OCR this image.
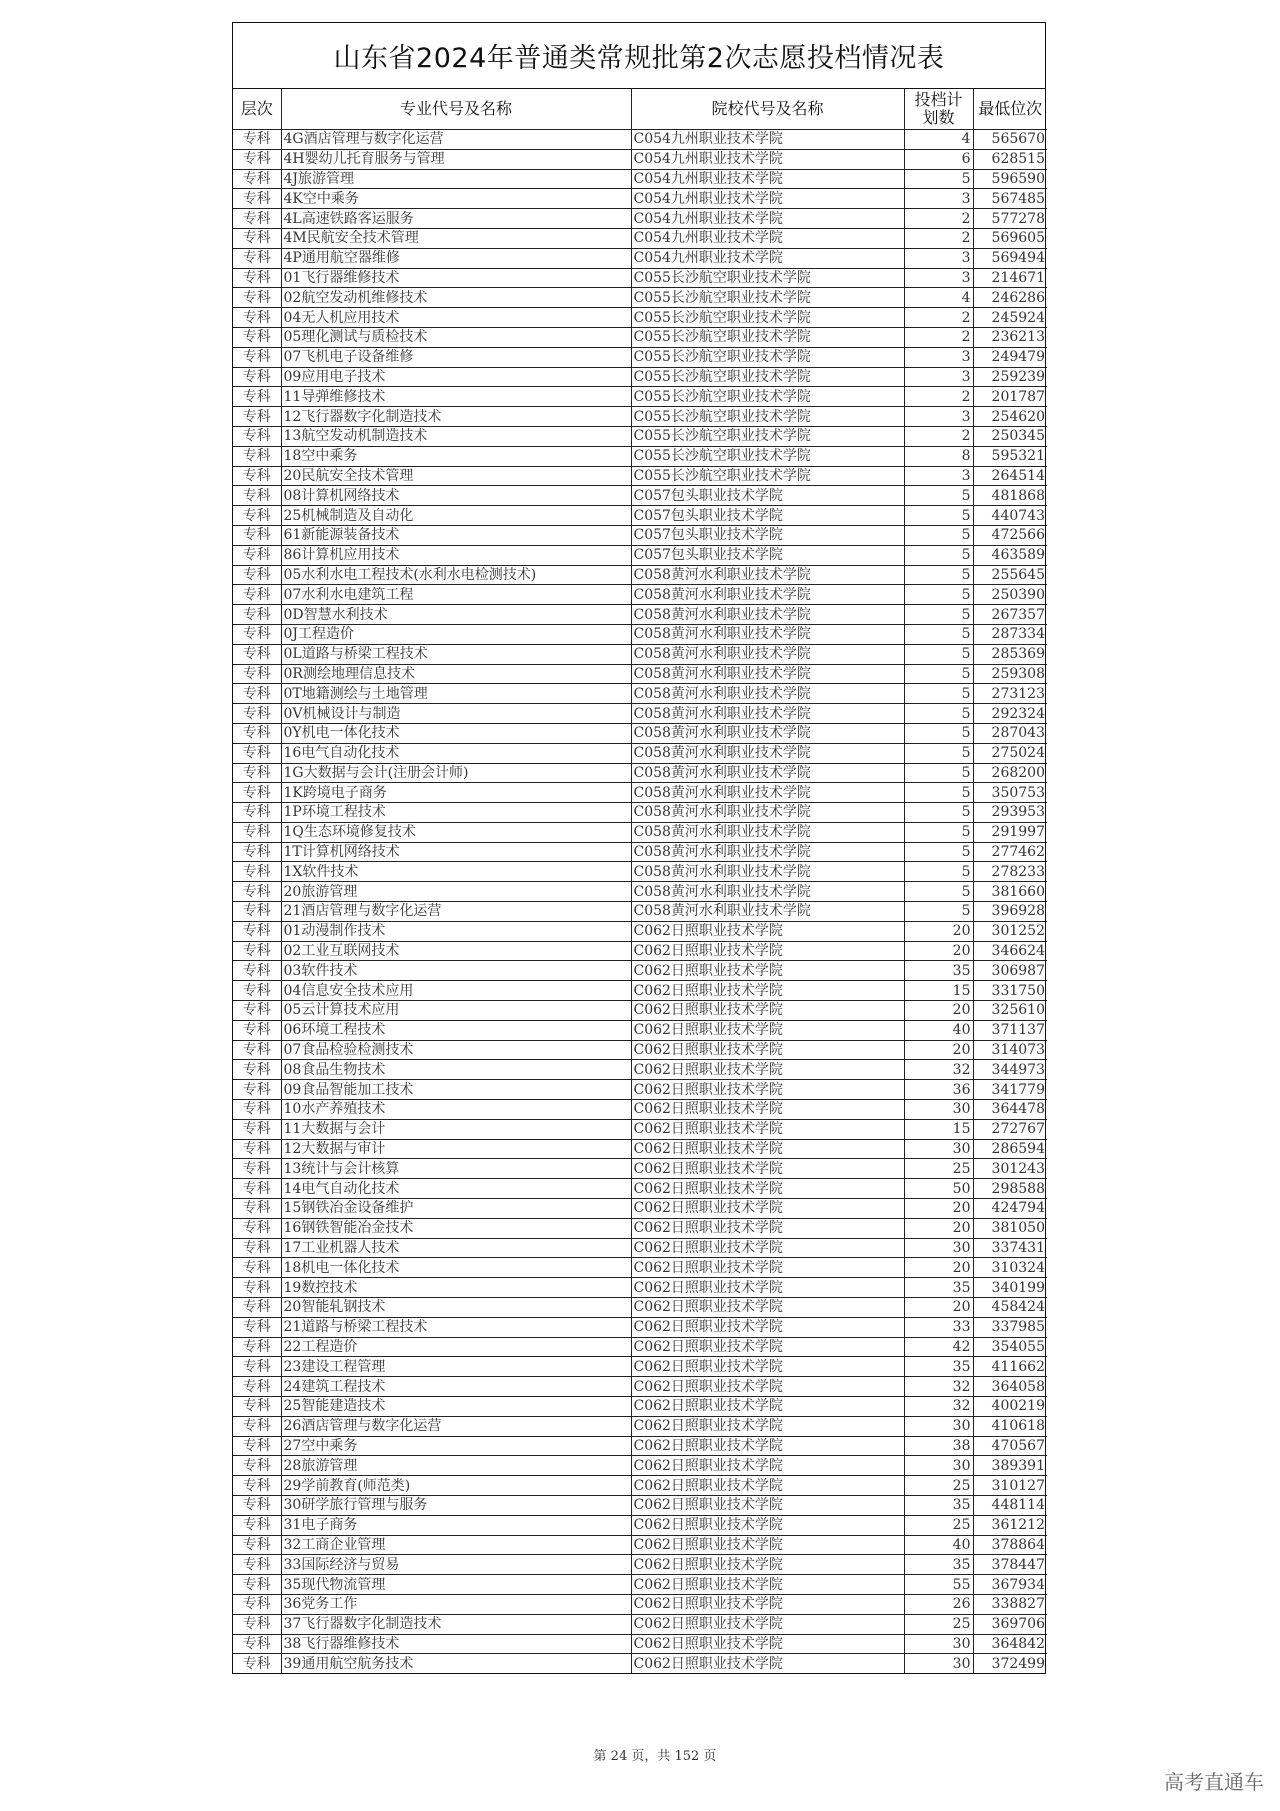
山东省2024年普通类常规批第2次志愿投档情况表
层次	专业代号及名称	院校代号及名称	投档计划数	最低位次
专科	4G酒店管理与数字化运营	C054九州职业技术学院	4	565670
专科	4H婴幼儿托育服务与管理	C054九州职业技术学院	6	628515
专科	4J旅游管理	C054九州职业技术学院	5	596590
专科	4K空中乘务	C054九州职业技术学院	3	567485
专科	4L高速铁路客运服务	C054九州职业技术学院	2	577278
专科	4M民航安全技术管理	C054九州职业技术学院	2	569605
专科	4P通用航空器维修	C054九州职业技术学院	3	569494
专科	01飞行器维修技术	C055长沙航空职业技术学院	3	214671
专科	02航空发动机维修技术	C055长沙航空职业技术学院	4	246286
专科	04无人机应用技术	C055长沙航空职业技术学院	2	245924
专科	05理化测试与质检技术	C055长沙航空职业技术学院	2	236213
专科	07飞机电子设备维修	C055长沙航空职业技术学院	3	249479
专科	09应用电子技术	C055长沙航空职业技术学院	3	259239
专科	11导弹维修技术	C055长沙航空职业技术学院	2	201787
专科	12飞行器数字化制造技术	C055长沙航空职业技术学院	3	254620
专科	13航空发动机制造技术	C055长沙航空职业技术学院	2	250345
专科	18空中乘务	C055长沙航空职业技术学院	8	595321
专科	20民航安全技术管理	C055长沙航空职业技术学院	3	264514
专科	08计算机网络技术	C057包头职业技术学院	5	481868
专科	25机械制造及自动化	C057包头职业技术学院	5	440743
专科	61新能源装备技术	C057包头职业技术学院	5	472566
专科	86计算机应用技术	C057包头职业技术学院	5	463589
专科	05水利水电工程技术(水利水电检测技术)	C058黄河水利职业技术学院	5	255645
专科	07水利水电建筑工程	C058黄河水利职业技术学院	5	250390
专科	0D智慧水利技术	C058黄河水利职业技术学院	5	267357
专科	0J工程造价	C058黄河水利职业技术学院	5	287334
专科	0L道路与桥梁工程技术	C058黄河水利职业技术学院	5	285369
专科	0R测绘地理信息技术	C058黄河水利职业技术学院	5	259308
专科	0T地籍测绘与土地管理	C058黄河水利职业技术学院	5	273123
专科	0V机械设计与制造	C058黄河水利职业技术学院	5	292324
专科	0Y机电一体化技术	C058黄河水利职业技术学院	5	287043
专科	16电气自动化技术	C058黄河水利职业技术学院	5	275024
专科	1G大数据与会计(注册会计师)	C058黄河水利职业技术学院	5	268200
专科	1K跨境电子商务	C058黄河水利职业技术学院	5	350753
专科	1P环境工程技术	C058黄河水利职业技术学院	5	293953
专科	1Q生态环境修复技术	C058黄河水利职业技术学院	5	291997
专科	1T计算机网络技术	C058黄河水利职业技术学院	5	277462
专科	1X软件技术	C058黄河水利职业技术学院	5	278233
专科	20旅游管理	C058黄河水利职业技术学院	5	381660
专科	21酒店管理与数字化运营	C058黄河水利职业技术学院	5	396928
专科	01动漫制作技术	C062日照职业技术学院	20	301252
专科	02工业互联网技术	C062日照职业技术学院	20	346624
专科	03软件技术	C062日照职业技术学院	35	306987
专科	04信息安全技术应用	C062日照职业技术学院	15	331750
专科	05云计算技术应用	C062日照职业技术学院	20	325610
专科	06环境工程技术	C062日照职业技术学院	40	371137
专科	07食品检验检测技术	C062日照职业技术学院	20	314073
专科	08食品生物技术	C062日照职业技术学院	32	344973
专科	09食品智能加工技术	C062日照职业技术学院	36	341779
专科	10水产养殖技术	C062日照职业技术学院	30	364478
专科	11大数据与会计	C062日照职业技术学院	15	272767
专科	12大数据与审计	C062日照职业技术学院	30	286594
专科	13统计与会计核算	C062日照职业技术学院	25	301243
专科	14电气自动化技术	C062日照职业技术学院	50	298588
专科	15钢铁冶金设备维护	C062日照职业技术学院	20	424794
专科	16钢铁智能冶金技术	C062日照职业技术学院	20	381050
专科	17工业机器人技术	C062日照职业技术学院	30	337431
专科	18机电一体化技术	C062日照职业技术学院	20	310324
专科	19数控技术	C062日照职业技术学院	35	340199
专科	20智能轧钢技术	C062日照职业技术学院	20	458424
专科	21道路与桥梁工程技术	C062日照职业技术学院	33	337985
专科	22工程造价	C062日照职业技术学院	42	354055
专科	23建设工程管理	C062日照职业技术学院	35	411662
专科	24建筑工程技术	C062日照职业技术学院	32	364058
专科	25智能建造技术	C062日照职业技术学院	32	400219
专科	26酒店管理与数字化运营	C062日照职业技术学院	30	410618
专科	27空中乘务	C062日照职业技术学院	38	470567
专科	28旅游管理	C062日照职业技术学院	30	389391
专科	29学前教育(师范类)	C062日照职业技术学院	25	310127
专科	30研学旅行管理与服务	C062日照职业技术学院	35	448114
专科	31电子商务	C062日照职业技术学院	25	361212
专科	32工商企业管理	C062日照职业技术学院	40	378864
专科	33国际经济与贸易	C062日照职业技术学院	35	378447
专科	35现代物流管理	C062日照职业技术学院	55	367934
专科	36党务工作	C062日照职业技术学院	26	338827
专科	37飞行器数字化制造技术	C062日照职业技术学院	25	369706
专科	38飞行器维修技术	C062日照职业技术学院	30	364842
专科	39通用航空航务技术	C062日照职业技术学院	30	372499
第 24 页，共 152 页
高考直通车
